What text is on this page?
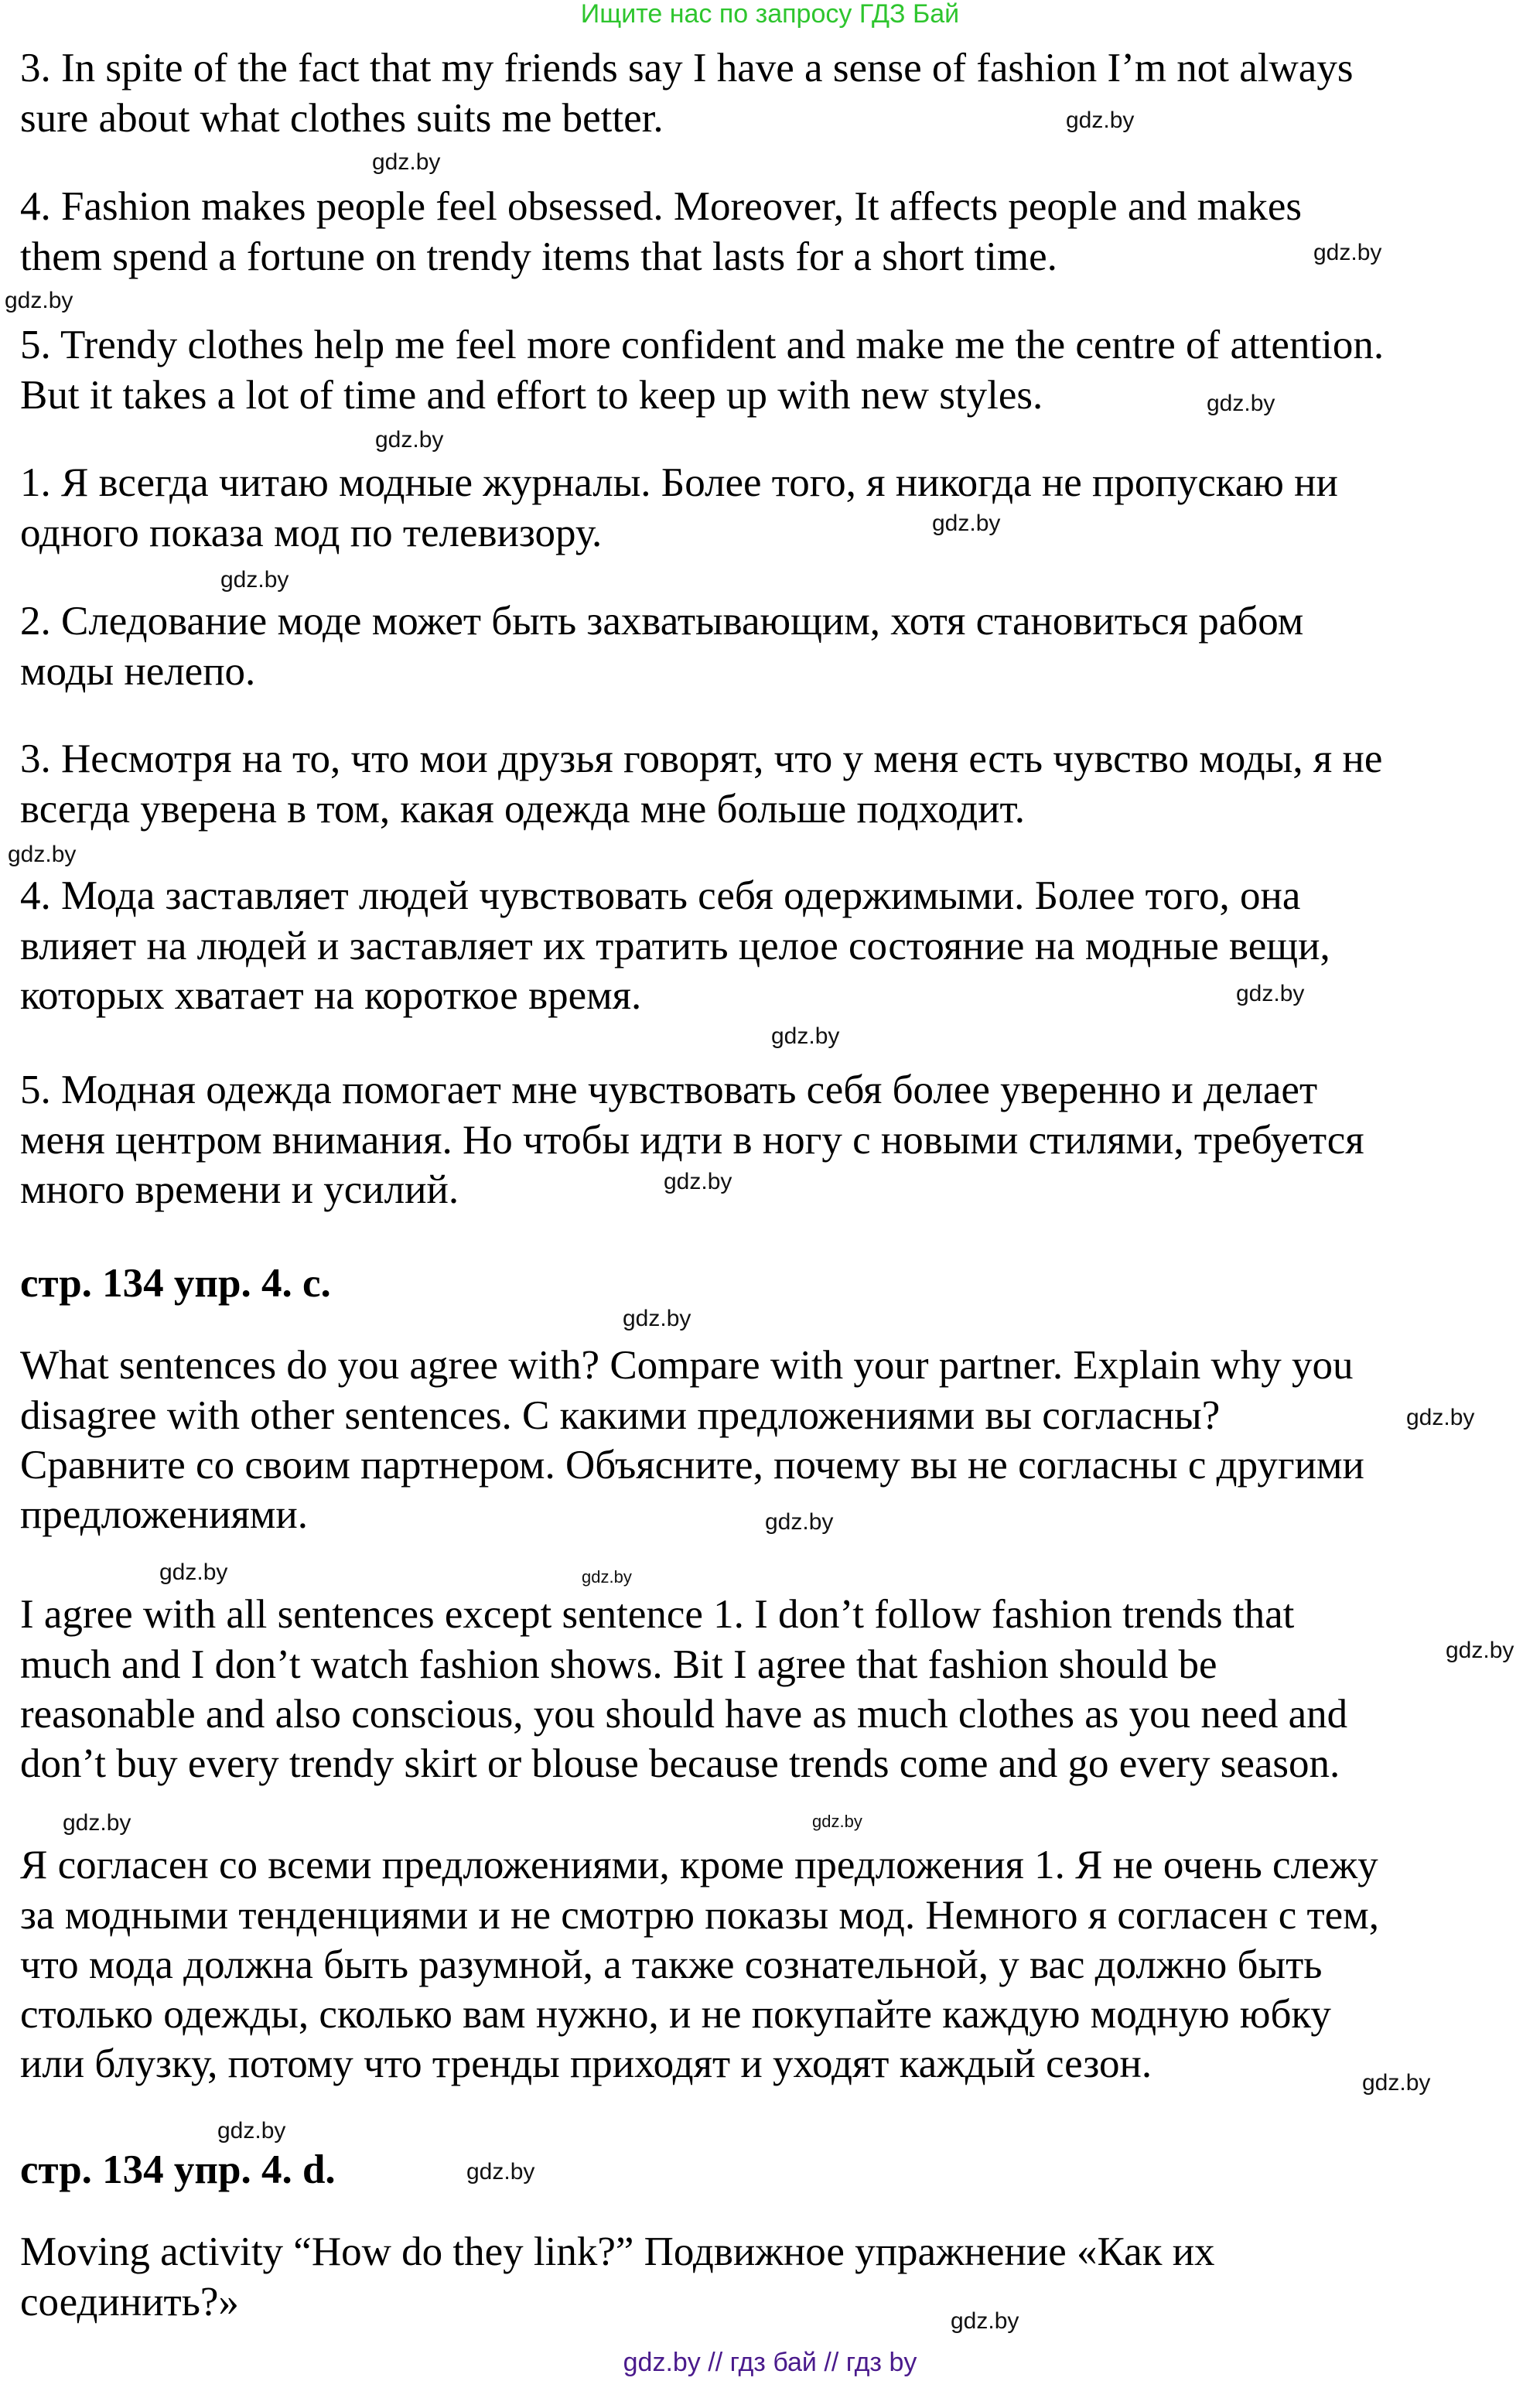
Ищите нас по запросу ГДЗ Бай
3. In spite of the fact that my friends say I have a sense of fashion I’m not always
sure about what clothes suits me better.
4. Fashion makes people feel obsessed. Moreover, It affects people and makes
them spend a fortune on trendy items that lasts for a short time.
5. Trendy clothes help me feel more confident and make me the centre of attention.
But it takes a lot of time and effort to keep up with new styles.
1. Я всегда читаю модные журналы. Более того, я никогда не пропускаю ни
одного показа мод по телевизору.
2. Следование моде может быть захватывающим, хотя становиться рабом
моды нелепо.
3. Несмотря на то, что мои друзья говорят, что у меня есть чувство моды, я не
всегда уверена в том, какая одежда мне больше подходит.
4. Мода заставляет людей чувствовать себя одержимыми. Более того, она
влияет на людей и заставляет их тратить целое состояние на модные вещи,
которых хватает на короткое время.
5. Модная одежда помогает мне чувствовать себя более уверенно и делает
меня центром внимания. Но чтобы идти в ногу с новыми стилями, требуется
много времени и усилий.
стр. 134 упр. 4. c.
What sentences do you agree with? Compare with your partner. Explain why you
disagree with other sentences. С какими предложениями вы согласны?
Сравните со своим партнером. Объясните, почему вы не согласны с другими
предложениями.
I agree with all sentences except sentence 1. I don’t follow fashion trends that
much and I don’t watch fashion shows. Bit I agree that fashion should be
reasonable and also conscious, you should have as much clothes as you need and
don’t buy every trendy skirt or blouse because trends come and go every season.
Я согласен со всеми предложениями, кроме предложения 1. Я не очень слежу
за модными тенденциями и не смотрю показы мод. Немного я согласен с тем,
что мода должна быть разумной, а также сознательной, у вас должно быть
столько одежды, сколько вам нужно, и не покупайте каждую модную юбку
или блузку, потому что тренды приходят и уходят каждый сезон.
стр. 134 упр. 4. d.
Moving activity “How do they link?” Подвижное упражнение «Как их
соединить?»
gdz.by // гдз бай // гдз by
gdz.by
gdz.by
gdz.by
gdz.by
gdz.by
gdz.by
gdz.by
gdz.by
gdz.by
gdz.by
gdz.by
gdz.by
gdz.by
gdz.by
gdz.by
gdz.by
gdz.by
gdz.by
gdz.by	gdz.by
gdz.by
gdz.by
gdz.by
gdz.by
